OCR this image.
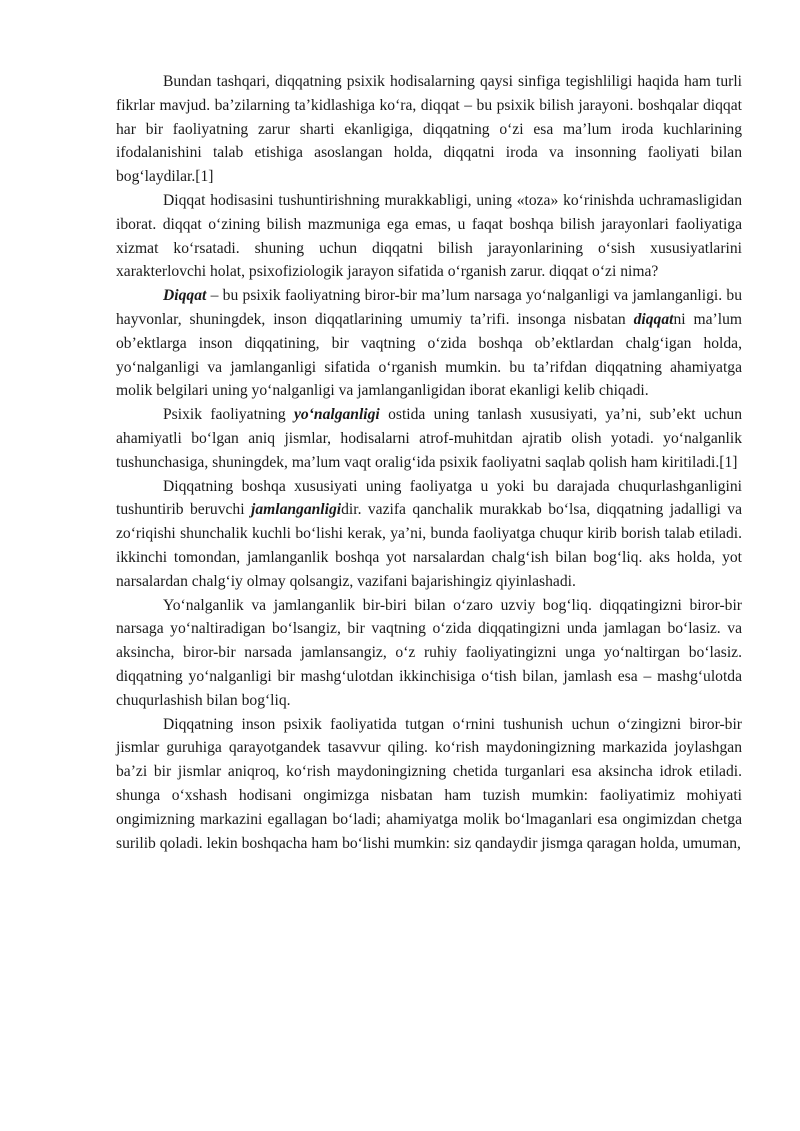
Bundan tashqari, diqqatning psixik hodisalarning qaysi sinfiga tegishliligi haqida ham turli fikrlar mavjud. ba’zilarning ta’kidlashiga ko‘ra, diqqat – bu psixik bilish jarayoni. boshqalar diqqat har bir faoliyatning zarur sharti ekanligiga, diqqatning o‘zi esa ma’lum iroda kuchlarining ifodalanishini talab etishiga asoslangan holda, diqqatni iroda va insonning faoliyati bilan bog‘laydilar.[1]

Diqqat hodisasini tushuntirishning murakkabligi, uning «toza» ko‘rinishda uchramasligidan iborat. diqqat o‘zining bilish mazmuniga ega emas, u faqat boshqa bilish jarayonlari faoliyatiga xizmat ko‘rsatadi. shuning uchun diqqatni bilish jarayonlarining o‘sish xususiyatlarini xarakterlovchi holat, psixofiziologik jarayon sifatida o‘rganish zarur. diqqat o‘zi nima?

Diqqat – bu psixik faoliyatning biror-bir ma’lum narsaga yo‘nalganligi va jamlanganligi. bu hayvonlar, shuningdek, inson diqqatlarining umumiy ta’rifi. insonga nisbatan diqqatni ma’lum ob’ektlarga inson diqqatining, bir vaqtning o‘zida boshqa ob’ektlardan chalg‘igan holda, yo‘nalganligi va jamlanganligi sifatida o‘rganish mumkin. bu ta’rifdan diqqatning ahamiyatga molik belgilari uning yo‘nalganligi va jamlanganligidan iborat ekanligi kelib chiqadi.

Psixik faoliyatning yo‘nalganligi ostida uning tanlash xususiyati, ya’ni, sub’ekt uchun ahamiyatli bo‘lgan aniq jismlar, hodisalarni atrof-muhitdan ajratib olish yotadi. yo‘nalganlik tushunchasiga, shuningdek, ma’lum vaqt oralig‘ida psixik faoliyatni saqlab qolish ham kiritiladi.[1]

Diqqatning boshqa xususiyati uning faoliyatga u yoki bu darajada chuqurlashganligini tushuntirib beruvchi jamlanganligidir. vazifa qanchalik murakkab bo‘lsa, diqqatning jadalligi va zo‘riqishi shunchalik kuchli bo‘lishi kerak, ya’ni, bunda faoliyatga chuqur kirib borish talab etiladi. ikkinchi tomondan, jamlanganlik boshqa yot narsalardan chalg‘ish bilan bog‘liq. aks holda, yot narsalardan chalg‘iy olmay qolsangiz, vazifani bajarishingiz qiyinlashadi.

Yo‘nalganlik va jamlanganlik bir-biri bilan o‘zaro uzviy bog‘liq. diqqatingizni biror-bir narsaga yo‘naltiradigan bo‘lsangiz, bir vaqtning o‘zida diqqatingizni unda jamlagan bo‘lasiz. va aksincha, biror-bir narsada jamlansangiz, o‘z ruhiy faoliyatingizni unga yo‘naltirgan bo‘lasiz. diqqatning yo‘nalganligi bir mashg‘ulotdan ikkinchisiga o‘tish bilan, jamlash esa – mashg‘ulotda chuqurlashish bilan bog‘liq.

Diqqatning inson psixik faoliyatida tutgan o‘rnini tushunish uchun o‘zingizni biror-bir jismlar guruhiga qarayotgandek tasavvur qiling. ko‘rish maydoningizning markazida joylashgan ba’zi bir jismlar aniqroq, ko‘rish maydoningizning chetida turganlari esa aksincha idrok etiladi. shunga o‘xshash hodisani ongimizga nisbatan ham tuzish mumkin: faoliyatimiz mohiyati ongimizning markazini egallagan bo‘ladi; ahamiyatga molik bo‘lmaganlari esa ongimizdan chetga surilib qoladi. lekin boshqacha ham bo‘lishi mumkin: siz qandaydir jismga qaragan holda, umuman,
